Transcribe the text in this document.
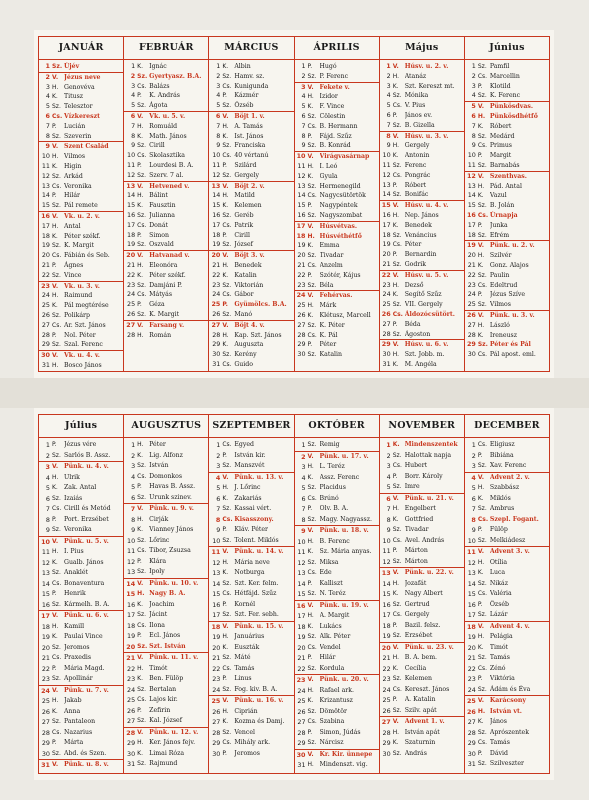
JANUÁR
1 Sz. Újév
2 V. Jézus neve
3 H. Genovéva
4 K. Titusz
5 Sz. Telesztor
6 Cs. Vízkereszt
7 P.	Lucián
8 Sz. Szeverin
9 V. Szent Család
10 H. Vilmos
11 K. Higin
12 Sz. Arkád
13 Cs. Veronika
14 P.	Hilár
15 Sz. Pál remete
16 V. Vk. u. 2. v.
17 H. Antal
18 K. Péter székf.
19 Sz. K. Margit
20 Cs. Fábián és Seb.
21 P.	Ágnes
22 Sz. Vince
23 V. Vk. u. 3. v.
24 H. Raimund
25 K. Pál megtérése
26 Sz. Polikárp
27 Cs. Ar. Szt. János
28 P.	Nol. Péter
29 Sz. Szal. Ferenc
30 V. Vk. u. 4. v.
31 H. Bosco János
FEBRUÁR
1 K. Ignác
2 Sz. Gyertyasz. B.A.
3 Cs. Balázs
4 P.	K. András
5 Sz. Ágota
6 V. Vk. u. 5. v.
7 H. Romuáld
8 K. Math. János
9 Sz. Cirill
10 Cs. Skolasztika
11 P.	Lourdesi B. A.
12 Sz. Szerv. 7 al.
13 V. Hetvened v.
14 H. Bálint
15 K. Fausztin
16 Sz. Julianna
17 Cs. Donát
18 P.	Simon
19 Sz. Oszvald
20 V. Hatvanad v.
21 H. Eleonóra
22 K. Péter székf.
23 Sz. Damjáni P.
24 Cs. Mátyás
25 P.	Géza
26 Sz. K. Margit
27 V. Farsang v.
28 H. Román
MÁRCIUS
1 K. Albin
2 Sz. Hamv. sz.
3 Cs. Kunigunda
4 P.	Kázmér
5 Sz. Özséb
6 V. Böjt 1. v.
7 H. A. Tamás
8 K. Ist. János
9 Sz. Franciska
10 Cs. 40 vértanú
11 P.	Szilárd
12 Sz. Gergely
13 V. Böjt 2. v.
14 H. Matild
15 K. Kelemen
16 Sz. Geréb
17 Cs. Patrik
18 P.	Cirill
19 Sz. József
20 V. Böjt 3. v.
21 H. Benedek
22 K. Katalin
23 Sz. Viktorián
24 Cs. Gábor
25 P.	Gyümölcs. B.A.
26 Sz. Manó
27 V. Böjt 4. v.
28 H. Kap. Szt. János
29 K. Auguszta
30 Sz. Kerény
31 Cs. Guido
ÁPRILIS
1 P.	Hugó
2 Sz. P. Ferenc
3 V. Fekete v.
4 H. Izidor
5 K. F. Vince
6 Sz. Cölestin
7 Cs. B. Hermann
8 P.	Fájd. Szűz
9 Sz. B. Konrád
10 V. Virágvasárnap
11 H. I. Leó
12 K. Gyula
13 Sz. Hermenegild
14 Cs. Nagycsütörtök
15 P.	Nagypéntek
16 Sz. Nagyszombat
17 V. Húsvétvas.
18 H. Húsvéthétfő
19 K. Emma
20 Sz. Tivadar
21 Cs. Anzelm
22 P.	Szótér, Kájus
23 Sz. Béla
24 V. Fehérvas.
25 H. Márk
26 K. Klétusz, Marcell
27 Sz. K. Péter
28 Cs. K. Pál
29 P.	Péter
30 Sz. Katalin
Május
1 V. Húsv. u. 2. v.
2 H. Atanáz
3 K. Szt. Kereszt mt.
4 Sz. Mónika
5 Cs. V. Pius
6 P.	János ev.
7 Sz. B. Gizella
8 V. Húsv. u. 3. v.
9 H. Gergely
10 K. Antonin
11 Sz. Ferenc
12 Cs. Pongrác
13 P.	Róbert
14 Sz. Bonifác
15 V. Húsv. u. 4. v.
16 H. Nep. János
17 K. Benedek
18 Sz. Venáncius
19 Cs. Péter
20 P.	Bernardin
21 Sz. Godrik
22 V. Húsv. u. 5. v.
23 H. Dezső
24 K. Segítő Szűz
25 Sz. VII. Gergely
26 Cs. Áldozócsütört.
27 P.	Béda
28 Sz. Ágoston
29 V. Húsv. u. 6. v.
30 H. Szt. Jobb. m.
31 K. M. Angéla
Június
1 Sz. Pamfil
2 Cs. Marcellin
3 P.	Klotild
4 Sz. K. Ferenc
5 V. Pünkösdvas.
6 H. Pünkösdhétfő
7 K. Róbert
8 Sz. Medárd
9 Cs. Primus
10 P.	Margit
11 Sz. Barnabás
12 V. Szenthvas.
13 H. Pád. Antal
14 K. Vazul
15 Sz. B. Jolán
16 Cs. Úrnapja
17 P.	Junka
18 Sz. Efrém
19 V. Pünk. u. 2. v.
20 H. Szilvér
21 K. Gonz. Alajos
22 Sz. Paulin
23 Cs. Edeltrud
24 P.	Jézus Szíve
25 Sz. Vilmos
26 V. Pünk. u. 3. v.
27 H. László
28 K. Ireneusz
29 Sz. Péter és Pál
30 Cs. Pál apost. eml.
Július
1 P.	Jézus vére
2 Sz. Sarlós B. Assz.
3 V. Pünk. u. 4. v.
4 H. Ulrik
5 K. Zak. Antal
6 Sz. Izaiás
7 Cs. Cirill és Metód
8 P.	Port. Erzsébet
9 Sz. Veronika
10 V. Pünk. u. 5. v.
11 H. I. Pius
12 K. Gualb. János
13 Sz. Anaklét
14 Cs. Bonaventura
15 P.	Henrik
16 Sz. Kármelh. B. A.
17 V. Pünk. u. 6. v.
18 H. Kamill
19 K. Paulai Vince
20 Sz. Jeromos
21 Cs. Praxedis
22 P.	Mária Magd.
23 Sz. Apollinár
24 V. Pünk. u. 7. v.
25 H. Jakab
26 K. Anna
27 Sz. Pantaleon
28 Cs. Nazarius
29 P.	Márta
30 Sz. Abd. és Szen.
31 V. Pünk. u. 8. v.
AUGUSZTUS
1 H. Péter
2 K. Lig. Alfonz
3 Sz. István
4 Cs. Domonkos
5 P.	Havas B. Assz.
6 Sz. Urunk szinev.
7 V. Pünk. u. 9. v.
8 H. Cirják
9 K. Vianney János
10 Sz. Lőrinc
11 Cs. Tibor, Zsuzsa
12 P.	Klára
13 Sz. Ipoly
14 V. Pünk. u. 10. v.
15 H. Nagy B. A.
16 K. Joachim
17 Sz. Jácint
18 Cs. Ilona
19 P.	Ecl. János
20 Sz. Szt. István
21 V. Pünk. u. 11. v.
22 H. Timót
23 K. Ben. Fülöp
24 Sz. Bertalan
25 Cs. Lajos kir.
26 P.	Zefirin
27 Sz. Kal. József
28 V. Pünk. u. 12. v.
29 H. Ker. János fejv.
30 K. Limai Róza
31 Sz. Rajmund
SZEPTEMBER
1 Cs. Egyed
2 P.	István kir.
3 Sz. Manszvét
4 V. Pünk. u. 13. v.
5 H. J. Lőrinc
6 K. Zakariás
7 Sz. Kassai vért.
8 Cs. Kisasszony.
9 P.	Kláv. Péter
10 Sz. Tolent. Miklós
11 V. Pünk. u. 14. v.
12 H. Mária neve
13 K. Notburga
14 Sz. Szt. Ker. felm.
15 Cs. Hétfájd. Szűz
16 P.	Kornél
17 Sz. Szt. Fer. sebh.
18 V. Pünk. u. 15. v.
19 H. Januárius
20 K. Euszták
21 Sz. Máté
22 Cs. Tamás
23 P.	Linus
24 Sz. Fog. kiv. B. A.
25 V. Pünk. u. 16. v.
26 H. Ciprián
27 K. Kozma és Damj.
28 Sz. Vencel
29 Cs. Mihály ark.
30 P.	Jeromos
OKTÓBER
1 Sz. Remig
2 V. Pünk. u. 17. v.
3 H. L. Teréz
4 K. Assz. Ferenc
5 Sz. Placidus
6 Cs. Brúnó
7 P.	Olv. B. A.
8 Sz. Magy. Nagyassz.
9 V. Pünk. u. 18. v.
10 H. B. Ferenc
11 K. Sz. Mária anyas.
12 Sz. Miksa
13 Cs. Ede
14 P.	Kalliszt
15 Sz. N. Teréz
16 V. Pünk. u. 19. v.
17 H. A. Margit
18 K. Lukács
19 Sz. Alk. Péter
20 Cs. Vendel
21 P.	Hilár
22 Sz. Kordula
23 V. Pünk. u. 20. v.
24 H. Rafael ark.
25 K. Krizantusz
26 Sz. Dömötör
27 Cs. Szabina
28 P.	Simon, Júdás
29 Sz. Nárcisz
30 V. Kr. Kir. ünnepe
31 H. Mindenszt. vig.
NOVEMBER
1 K. Mindenszentek
2 Sz. Halottak napja
3 Cs. Hubert
4 P.	Borr. Károly
5 Sz. Imre
6 V. Pünk. u. 21. v.
7 H. Engelbert
8 K. Gottfried
9 Sz. Tivadar
10 Cs. Avel. András
11 P.	Márton
12 Sz. Márton
13 V. Pünk. u. 22. v.
14 H. Jozafát
15 K. Nagy Albert
16 Sz. Gertrud
17 Cs. Gergely
18 P.	Bazil. felsz.
19 Sz. Erzsébet
20 V. Pünk. u. 23. v.
21 H. B. A. bem.
22 K. Cecília
23 Sz. Kelemen
24 Cs. Kereszt. János
25 P.	A. Katalin
26 Sz. Szilv. apát
27 V. Advent 1. v.
28 H. István apát
29 K. Szaturnin
30 Sz. András
DECEMBER
1 Cs. Eligiusz
2 P.	Bibiána
3 Sz. Xav. Ferenc
4 V. Advent 2. v.
5 H. Szabbász
6 K. Miklós
7 Sz. Ambrus
8 Cs. Szepl. Fogant.
9 P.	Fülöp
10 Sz. Melkiádesz
11 V. Advent 3. v.
12 H. Otília
13 K. Luca
14 Sz. Nikáz
15 Cs. Valéria
16 P.	Özséb
17 Sz. Lázár
18 V. Advent 4. v.
19 H. Pelágia
20 K. Timót
21 Sz. Tamás
22 Cs. Zénó
23 P.	Viktória
24 Sz. Ádám és Éva
25 V. Karácsony
26 H. István vt.
27 K. János
28 Sz. Aprószentek
29 Cs. Tamás
30 P.	Dávid
31 Sz. Szilveszter
